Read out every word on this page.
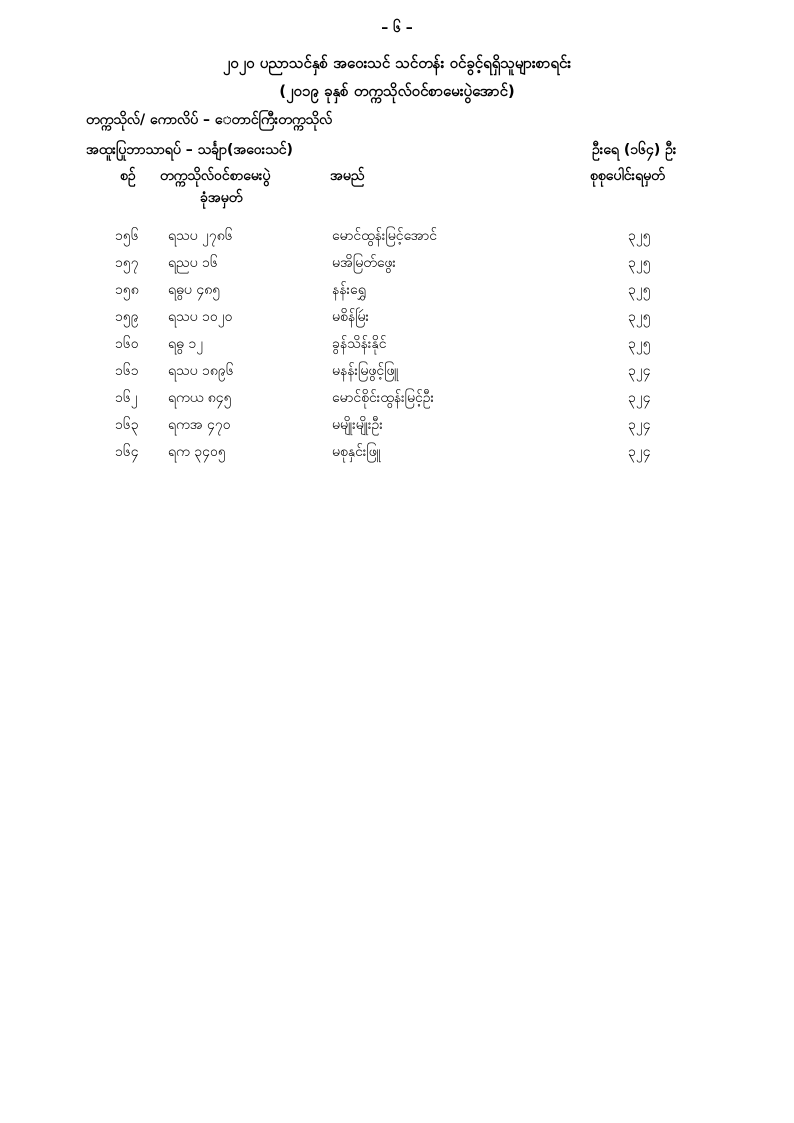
– ၆ –
၂၀၂၀ ပညာသင်နှစ် အဝေးသင် သင်တန်း ဝင်ခွင့်ရရှိသူများစာရင်း
(၂၀၁၉ ခုနှစ် တက္ကသိုလ်ဝင်စာမေးပွဲအောင်)
တက္ကသိုလ်/ ကောလိပ် – ‌ေတာင်ကြီးတက္ကသိုလ်
အထူးပြုဘာသာရပ် – သင်္ချာ(အဝေးသင်)	ဦးရေ (၁၆၄) ဦး
စဉ် တက္ကသိုလ်ဝင်စာမေးပွဲ
ခုံအမှတ်
အမည်	စုစုပေါင်းရမှတ်
၁၅၆ ရသပ ၂၇၈၆	မောင်ထွန်းမြင့်အောင်	၃၂၅
၁၅၇ ရညပ ၁၆	မအိမြတ်ဖွေး	၃၂၅
၁၅၈ ရဓွပ ၄၈၅	နန်းရွှေ	၃၂၅
၁၅၉ ရသပ ၁၀၂၀	မစိန်မြဴး	၃၂၅
၁၆၀ ရဓွ ၁၂	ခွန်သိန်းနိုင်	၃၂၅
၁၆၁ ရသပ ၁၈၉၆	မနန်းမြဖွင့်ဖြူ	၃၂၄
၁၆၂ ရကယ ၈၄၅	မောင်စိုင်းထွန်းမြင့်ဦး	၃၂၄
၁၆၃ ရကအ ၄၇၀	မမျိုးမျိုးဦး	၃၂၄
၁၆၄ ရက ၃၄၀၅	မစုနှင်းဖြူ	၃၂၄
